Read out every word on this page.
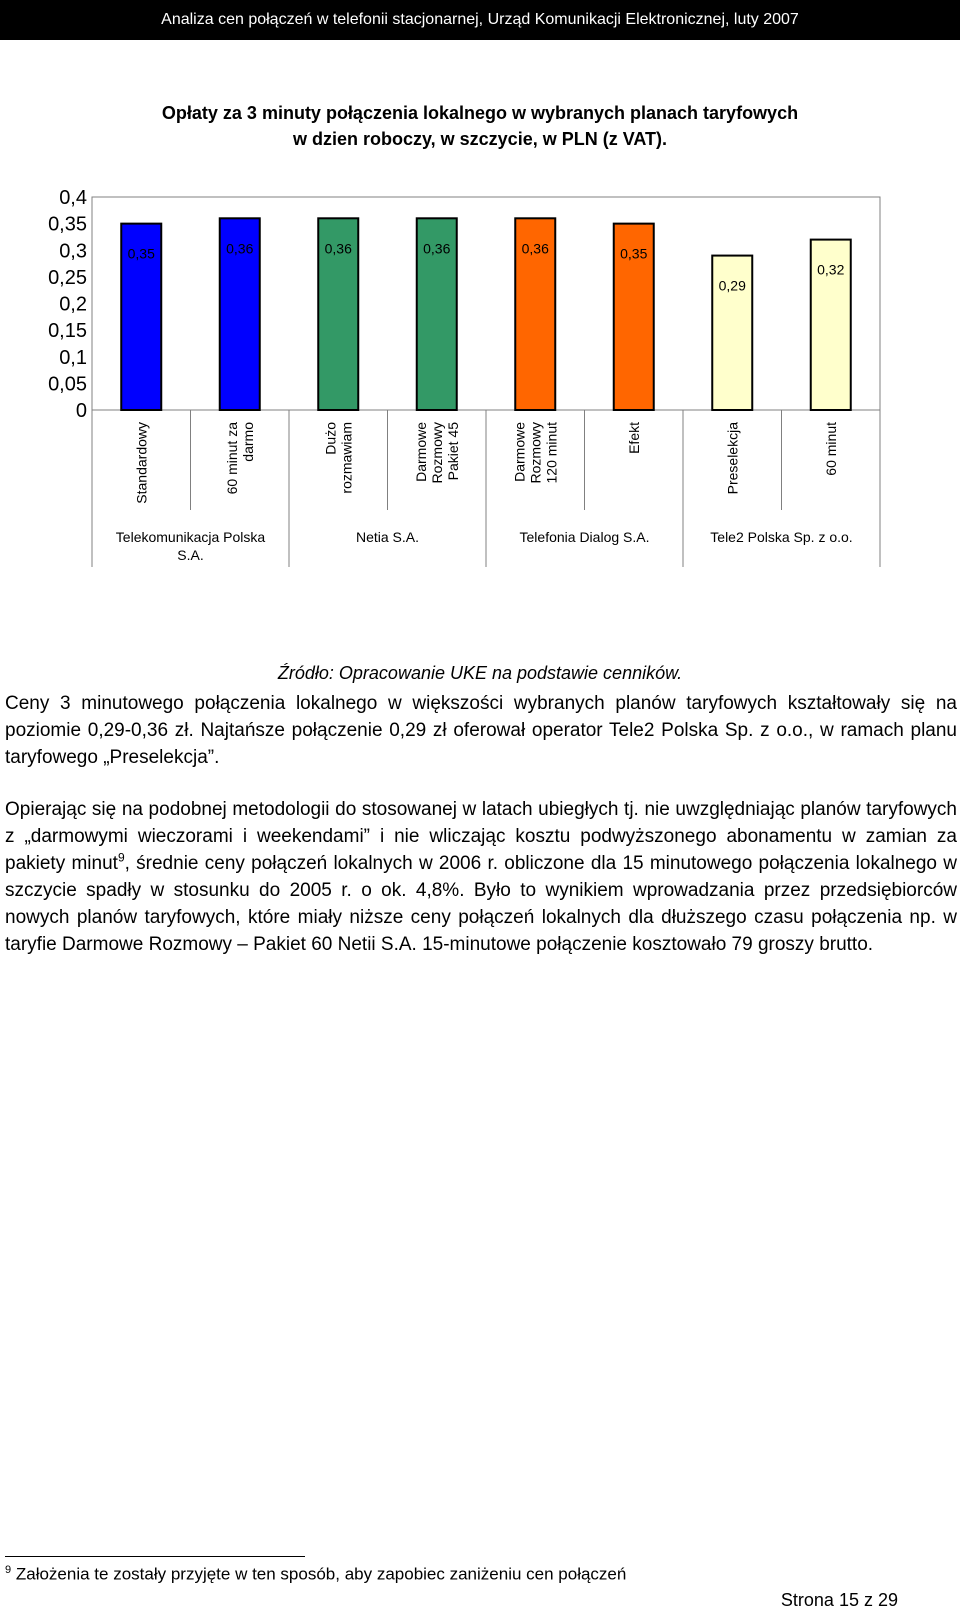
Analiza cen połączeń w telefonii stacjonarnej, Urząd Komunikacji Elektronicznej, luty 2007
Opłaty za 3 minuty połączenia lokalnego w wybranych planach taryfowych
w dzien roboczy, w szczycie, w PLN (z VAT).
0,4
0,35
0,3
0,25
0,2
0,15
0,1
0,05
0
0,35
Standardowy
0,36
60 minut zadarmo
0,36
Dużorozmawiam
0,36
DarmoweRozmowyPakiet 45
0,36
DarmoweRozmowy120 minut
0,35
Efekt
0,29
Preselekcja
0,32
60 minut
Telekomunikacja Polska S.A.
Netia S.A.	Telefonia Dialog S.A.	Tele2 Polska Sp. z o.o.
Źródło: Opracowanie UKE na podstawie cenników.

Ceny 3 minutowego połączenia lokalnego w większości wybranych planów taryfowych kształtowały się na poziomie 0,29-0,36 zł. Najtańsze połączenie 0,29 zł oferował operator Tele2 Polska Sp. z o.o., w ramach planu taryfowego „Preselekcja”.

Opierając się na podobnej metodologii do stosowanej w latach ubiegłych tj. nie uwzględniając planów taryfowych z „darmowymi wieczorami i weekendami” i nie wliczając kosztu podwyższonego abonamentu w zamian za pakiety minut$^9$, średnie ceny połączeń lokalnych w 2006 r. obliczone dla 15 minutowego połączenia lokalnego w szczycie spadły w stosunku do 2005 r. o ok. 4,8%. Było to wynikiem wprowadzania przez przedsiębiorców nowych planów taryfowych, które miały niższe ceny połączeń lokalnych dla dłuższego czasu połączenia np. w taryfie Darmowe Rozmowy – Pakiet 60 Netii S.A. 15-minutowe połączenie kosztowało 79 groszy brutto.

$^9$ Założenia te zostały przyjęte w ten sposób, aby zapobiec zaniżeniu cen połączeń
Strona 15 z 29
